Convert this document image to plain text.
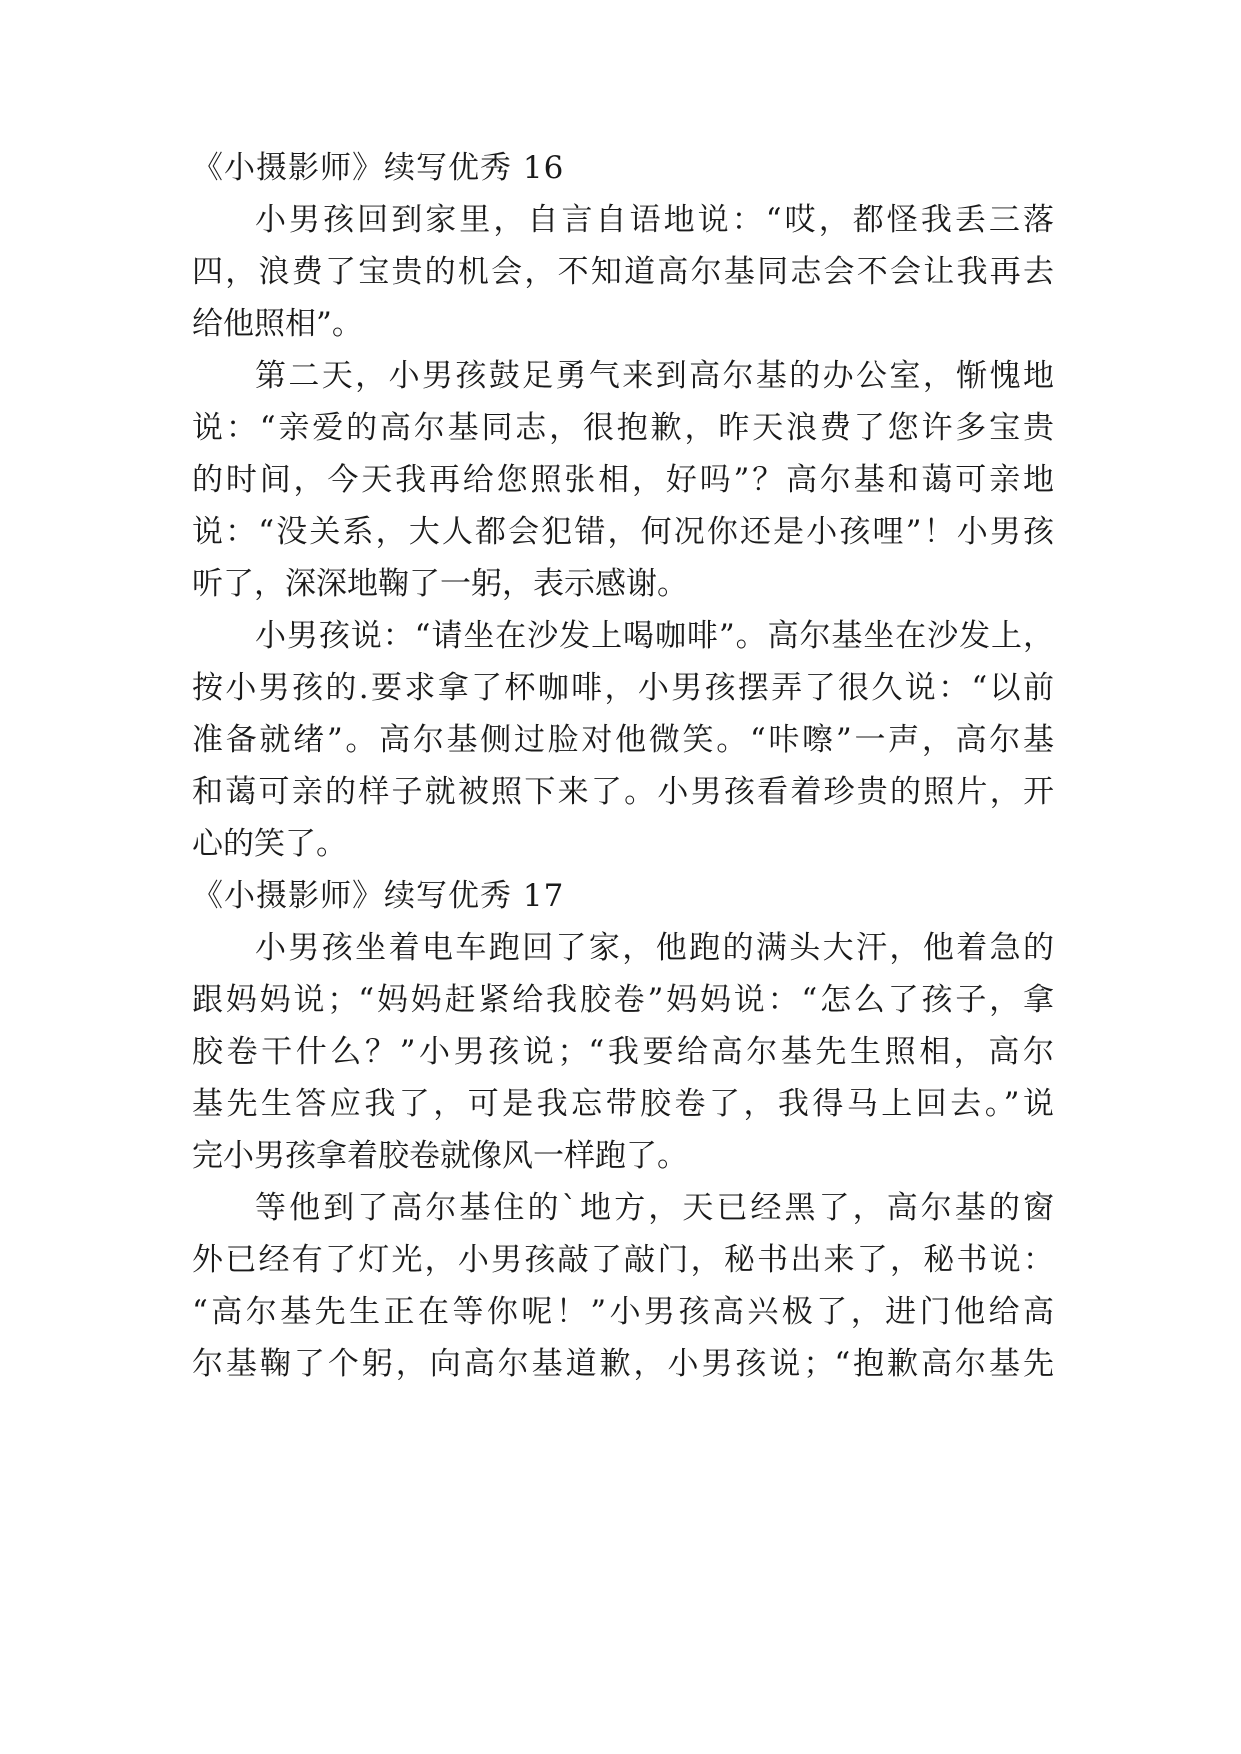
《小摄影师》续写优秀 16
小男孩回到家里，自言自语地说：“哎，都怪我丢三落
四，浪费了宝贵的机会，不知道高尔基同志会不会让我再去
给他照相”。
第二天，小男孩鼓足勇气来到高尔基的办公室，惭愧地
说：“亲爱的高尔基同志，很抱歉，昨天浪费了您许多宝贵
的时间，今天我再给您照张相，好吗”？高尔基和蔼可亲地
说：“没关系，大人都会犯错，何况你还是小孩哩”！小男孩
听了，深深地鞠了一躬，表示感谢。
小男孩说：“请坐在沙发上喝咖啡”。高尔基坐在沙发上，
按小男孩的.要求拿了杯咖啡，小男孩摆弄了很久说：“以前
准备就绪”。高尔基侧过脸对他微笑。“咔嚓”一声，高尔基
和蔼可亲的样子就被照下来了。小男孩看着珍贵的照片，开
心的笑了。
《小摄影师》续写优秀 17
小男孩坐着电车跑回了家，他跑的满头大汗，他着急的
跟妈妈说；“妈妈赶紧给我胶卷”妈妈说：“怎么了孩子，拿
胶卷干什么？”小男孩说；“我要给高尔基先生照相，高尔
基先生答应我了，可是我忘带胶卷了，我得马上回去。”说
完小男孩拿着胶卷就像风一样跑了。
等他到了高尔基住的`地方，天已经黑了，高尔基的窗
外已经有了灯光，小男孩敲了敲门，秘书出来了，秘书说：
“高尔基先生正在等你呢！”小男孩高兴极了，进门他给高
尔基鞠了个躬，向高尔基道歉，小男孩说；“抱歉高尔基先
